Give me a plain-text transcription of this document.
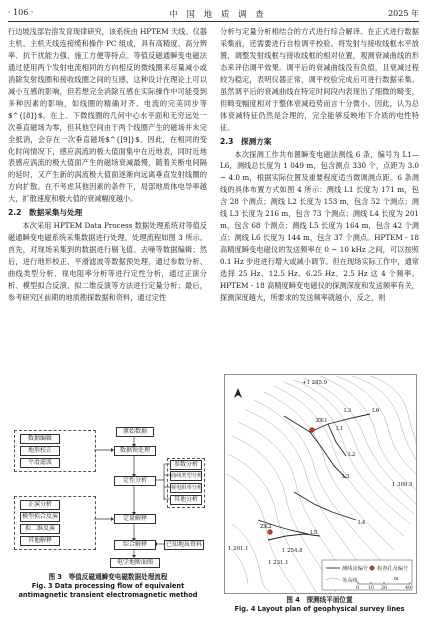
· 106 ·	中 国 地 质 调 查	2025 年

行边坡浅部岩溶发育现律研究，该系统由 HPTEM 天线、仪器主机、主机天线连接缆和操作 PC 组成，具有高精度、高分辨率、抗干扰能力强、施工方便等特点。等值反磁通瞬变电磁法通过使用两个发射电流相同的方向相反的微线圈来尽量减小或消除发射线圈和接收线圈之间的互感，这种设计在理论上可以减小互感的影响，但若想完全消除互感在实际操作中可能受到多种因素的影响，如线圈的精确对齐、电流的完美同步等$^{[8]}$。在上、下微线圈的几何中心水平面和无穷远处一次垂直磁场为零，但其他空间由于两个线圈产生的磁场并未完全抵消，会存在一次垂直磁场$^{[9]}$。因此，在相同的变化时间情况下，感应涡流的极大值面集中在近地表，同时近地表感应涡流的极大值面产生的磁场衰减最慢，随着关断电间隔的延时，又产生新的涡流极大值面逐渐向远离垂直发射线圈的方向扩散。在不考虑其他因素的条件下，局部地质体电导率越大，扩散速度和极大值的衰减幅度越小。

2.2　数据采集与处理

本次采用 HPTEM Data Process 数据处理系统对等值反磁通瞬变电磁系统采集数据进行处理，处理流程如图 3 所示。首先，对现场采集到的数据进行剔飞值、去噪等数据编辑；然后，进行地形校正、平滑滤波等数据预处理，通过参数分析、曲线类型分析、视电阻率分析等进行定性分析，通过正演分析、模型拟合反演、拟二维反演等方法进行定量分析；最后，参考研究区前期的地质勘探数据和资料，通过定性

原始数据
数据编辑
地形校正
平滑滤波
数据预处理
定性分析
参数分析
曲线类型分析
视电阻率分析
其他分析
正演分析
模型拟合反演
拟二维反演
其他解释
定量解释
已知地质资料
综合解释
电学地断面图
图 3　等值反磁通瞬变电磁数据处理流程
Fig. 3 Data processing flow of equivalent antimagnetic transient electromagnetic method

分析与定量分析相结合的方式进行综合解译。在正式进行数据采集前，还需要进行自检调平校验。将发射与接收线框水平放置，调整发射线框与接收线框的相对位置，观测衰减曲线的形态来评估调平效果。调平后的衰减曲线没有负值，且衰减过程较为稳定，表明仪器正常，调平校验完成后可进行数据采集。虽然调平后的衰减曲线在特定时间段内表现出了细微的畸变，但畸变幅度相对于整体衰减趋势而言十分微小。因此，认为总体衰减特征仍然是合理的，完全能够反映地下介质的电性特征。

2.3　探测方案

本次探测工作共布置瞬变电磁法测线 6 条，编号为 L1—L6，测线总长度为 1 049 m，包含测点 330 个，点距为 3.0 ~ 4.0 m，根据实际位置及重要程度适当微调测点距。6 条测线的具体布置方式如图 4 所示：测线 L1 长度为 171 m，包含 28 个测点；测线 L2 长度为 153 m，包含 52 个测点；测线 L3 长度为 216 m，包含 73 个测点；测线 L4 长度为 201 m，包含 68 个测点；测线 L5 长度为 164 m，包含 42 个测点；测线 L6 长度为 144 m，包含 37 个测点。HPTEM - 18 高精度瞬变电磁仪的发送频率在 0 ~ 10 kHz 之间，可以按照 0.1 Hz 步进进行增大或减小调节。但在现场实际工作中，通常选择 25 Hz、12.5 Hz、6.25 Hz、2.5 Hz 这 4 个频率。HPTEM - 18 高精度瞬变电磁仪的探测深度和发送频率有关，探测深度越大，所要求的发送频率就越小，反之，则

+1 285.9
1 309.5
1 201.1	1 254.8
1 231.1
ZK1
ZK2
L1
L2
L3
L3
L4
L5
L6
测线及编号 检查孔及编号
等高线
0 10 20	40
m
图 4　探测线平面位置
Fig. 4 Layout plan of geophysical survey lines
